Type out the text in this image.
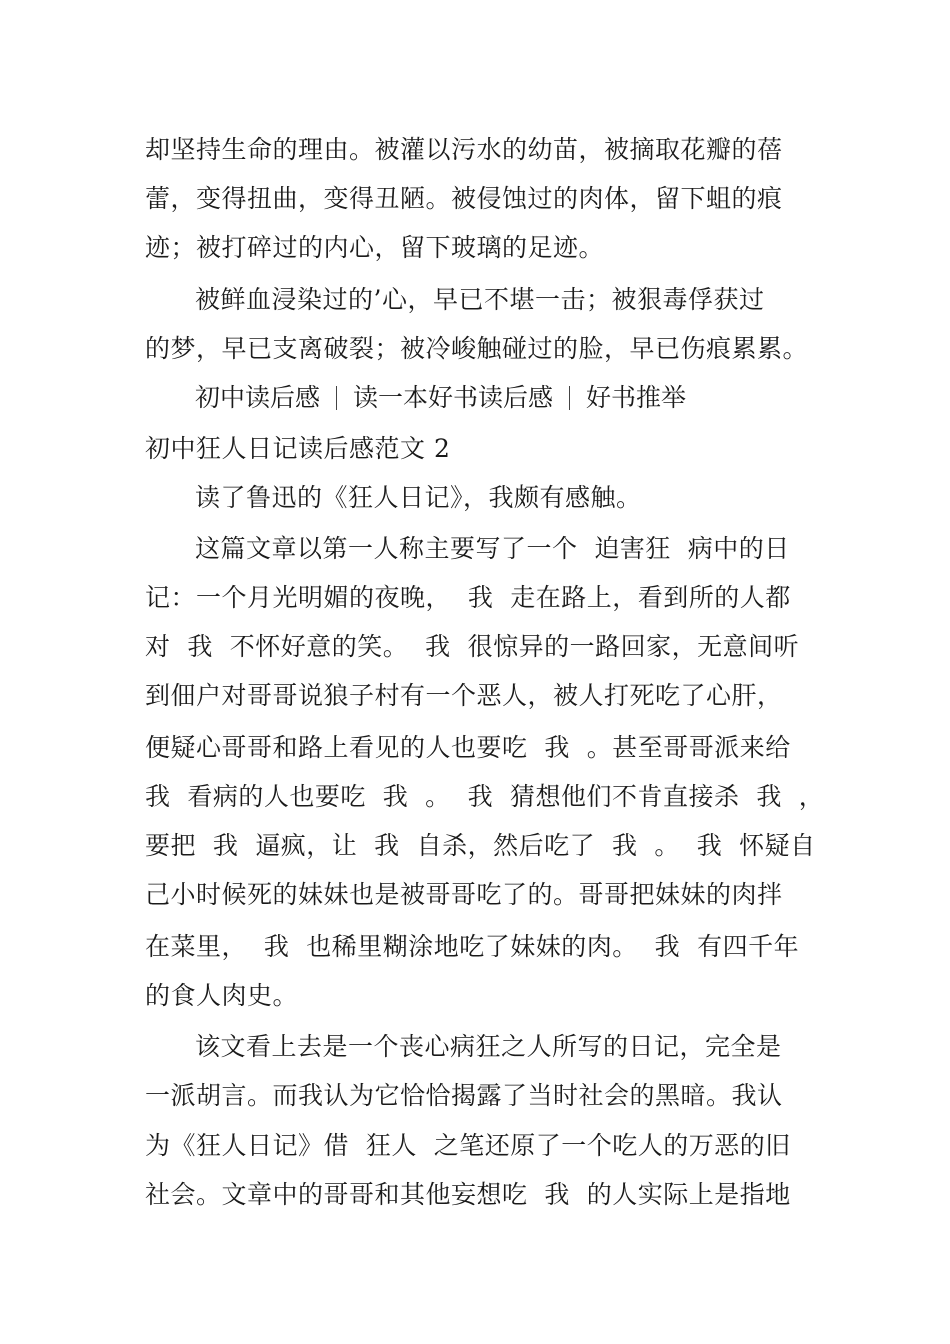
却坚持生命的理由。被灌以污水的幼苗，被摘取花瓣的蓓
蕾，变得扭曲，变得丑陋。被侵蚀过的肉体，留下蛆的痕
迹；被打碎过的内心，留下玻璃的足迹。
被鲜血浸染过的’心，早已不堪一击；被狠毒俘获过
的梦，早已支离破裂；被冷峻触碰过的脸，早已伤痕累累。
初中读后感 读一本好书读后感 好书推举
初中狂人日记读后感范文 2
读了鲁迅的《狂人日记》，我颇有感触。
这篇文章以第一人称主要写了一个  迫害狂  病中的日
记：一个月光明媚的夜晚，  我  走在路上，看到所的人都
对  我  不怀好意的笑。  我  很惊异的一路回家，无意间听
到佃户对哥哥说狼子村有一个恶人，被人打死吃了心肝，
便疑心哥哥和路上看见的人也要吃  我  。甚至哥哥派来给
我  看病的人也要吃  我  。  我  猜想他们不肯直接杀  我  ，
要把  我  逼疯，让  我  自杀，然后吃了  我  。  我  怀疑自
己小时候死的妹妹也是被哥哥吃了的。哥哥把妹妹的肉拌
在菜里，  我  也稀里糊涂地吃了妹妹的肉。  我  有四千年
的食人肉史。
该文看上去是一个丧心病狂之人所写的日记，完全是
一派胡言。而我认为它恰恰揭露了当时社会的黑暗。我认
为《狂人日记》借  狂人  之笔还原了一个吃人的万恶的旧
社会。文章中的哥哥和其他妄想吃  我  的人实际上是指地
